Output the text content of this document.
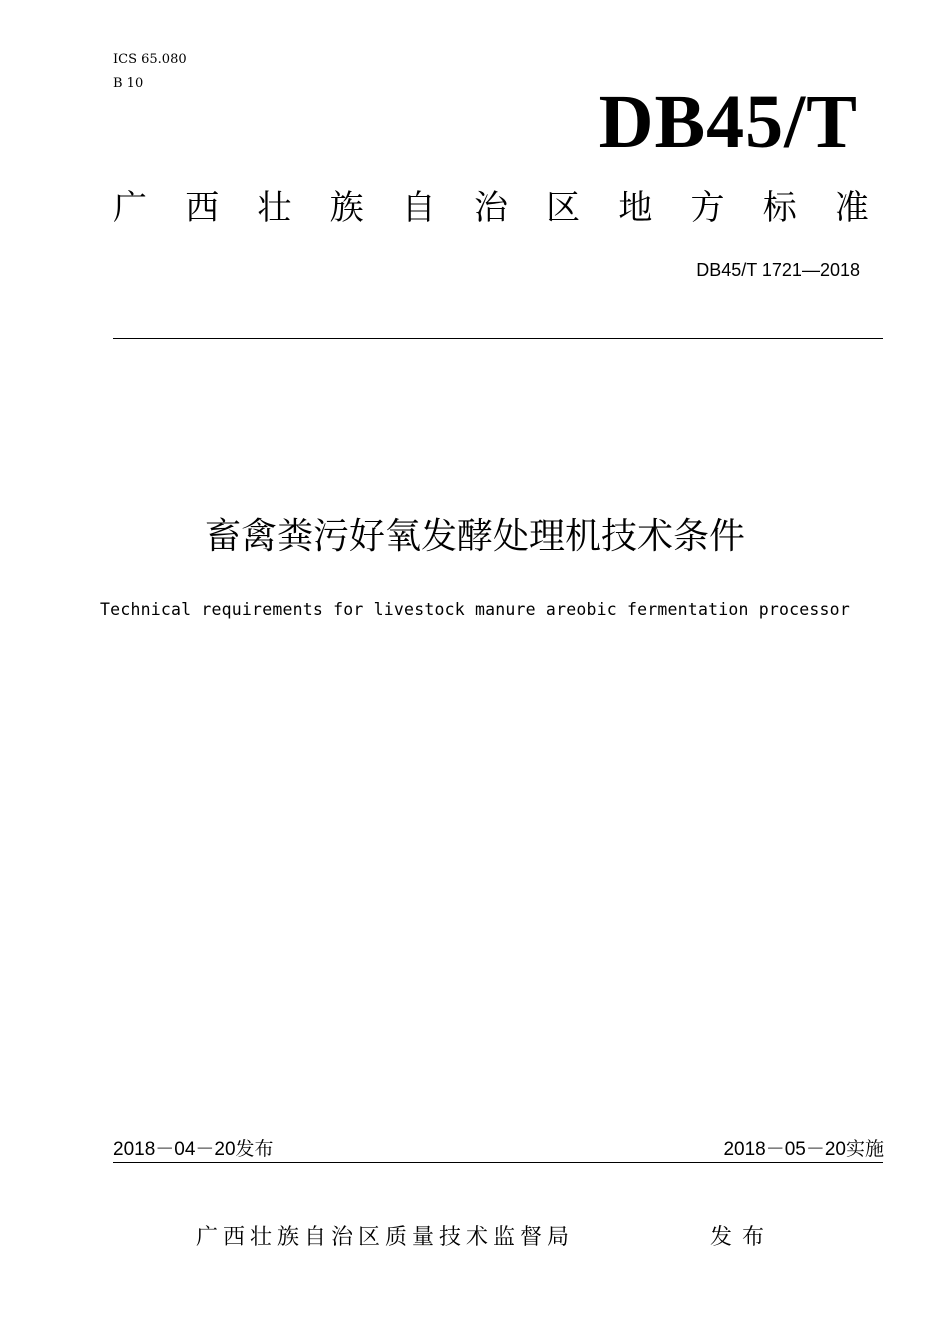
ICS 65.080
B 10	DB45/T
广 西 壮 族 自 治 区 地 方 标 准
DB45/T 1721—2018
畜禽粪污好氧发酵处理机技术条件
Technical requirements for livestock manure areobic fermentation processor
2018－04－20发布	2018－05－20实施
广西壮族自治区质量技术监督局	发布
